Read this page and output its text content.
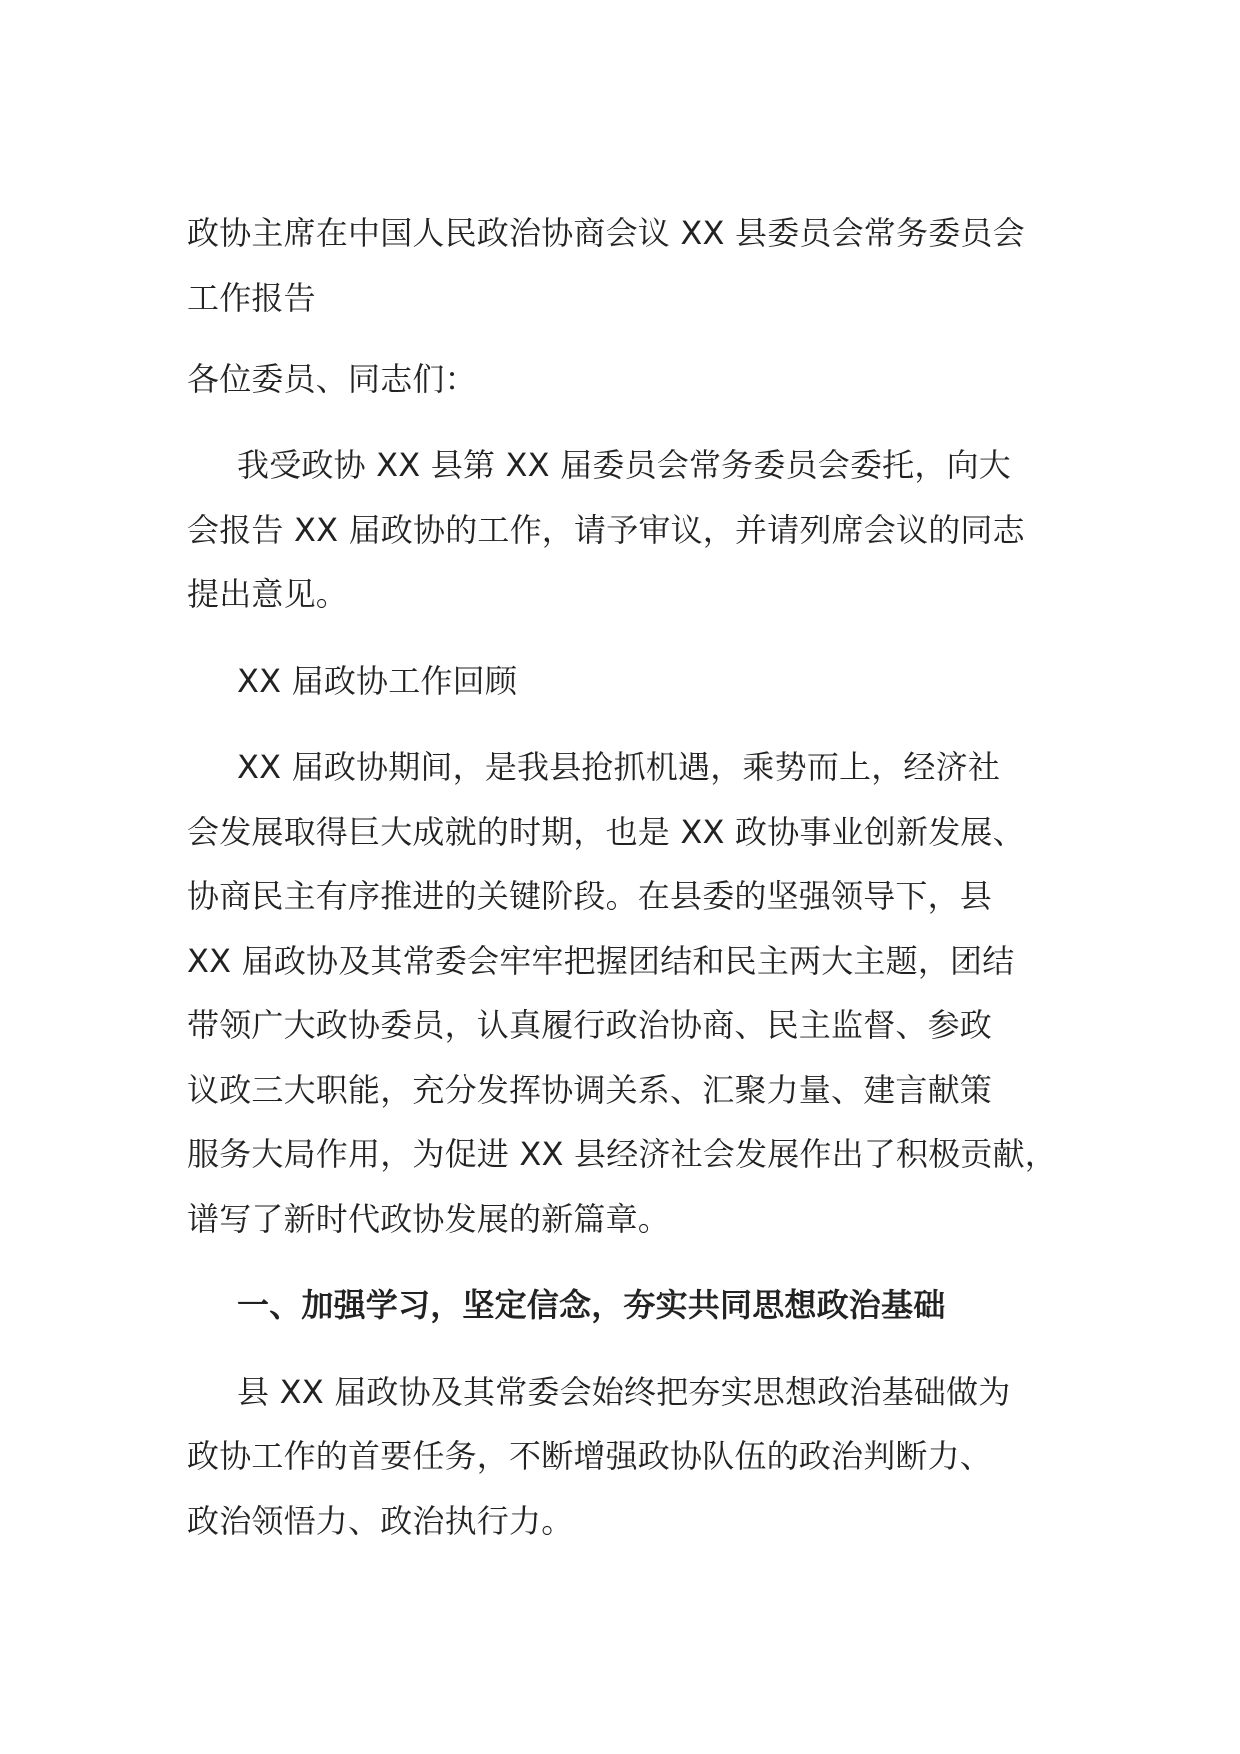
政协主席在中国人民政治协商会议 XX 县委员会常务委员会
工作报告
各位委员、同志们：
我受政协 XX 县第 XX 届委员会常务委员会委托，向大
会报告 XX 届政协的工作，请予审议，并请列席会议的同志
提出意见。
XX 届政协工作回顾
XX 届政协期间，是我县抢抓机遇，乘势而上，经济社
会发展取得巨大成就的时期，也是 XX 政协事业创新发展、
协商民主有序推进的关键阶段。在县委的坚强领导下，县
XX 届政协及其常委会牢牢把握团结和民主两大主题，团结
带领广大政协委员，认真履行政治协商、民主监督、参政
议政三大职能，充分发挥协调关系、汇聚力量、建言献策
服务大局作用，为促进 XX 县经济社会发展作出了积极贡献，
谱写了新时代政协发展的新篇章。
一、加强学习，坚定信念，夯实共同思想政治基础
县 XX 届政协及其常委会始终把夯实思想政治基础做为
政协工作的首要任务，不断增强政协队伍的政治判断力、
政治领悟力、政治执行力。
